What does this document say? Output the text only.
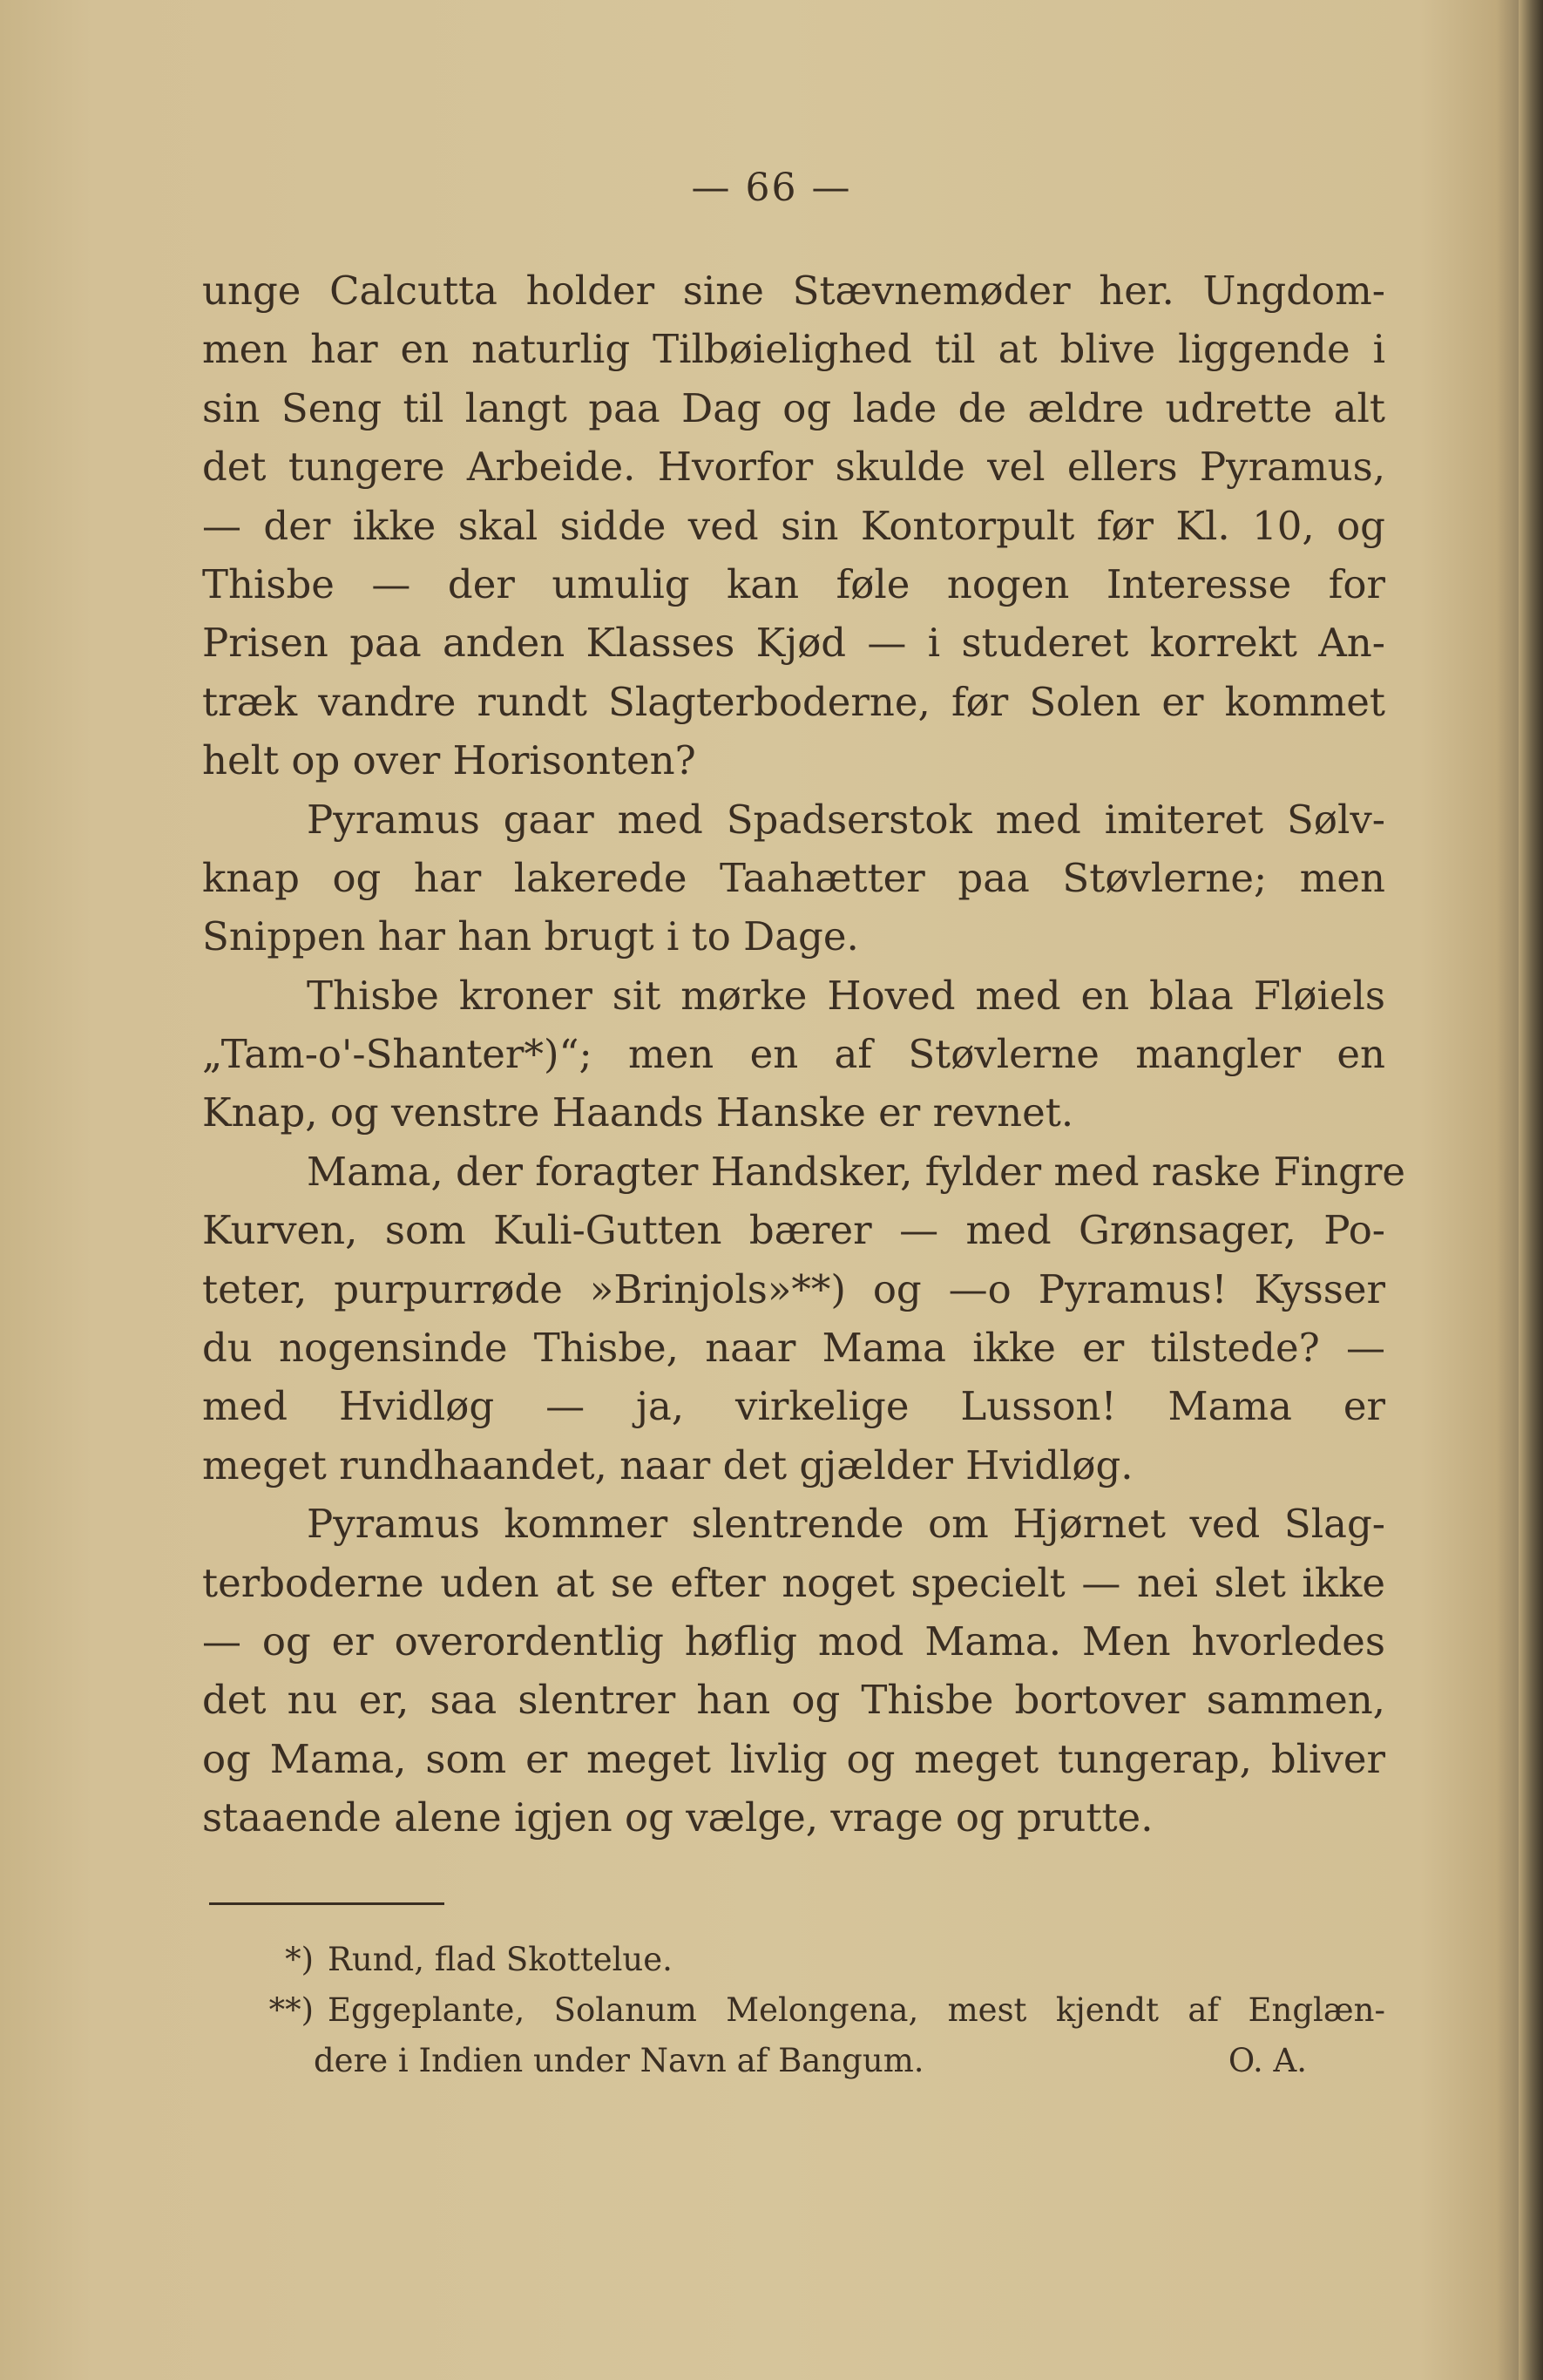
— 66 —
unge Calcutta holder sine Stævnemøder her. Ungdom-
men har en naturlig Tilbøielighed til at blive liggende i
sin Seng til langt paa Dag og lade de ældre udrette alt
det tungere Arbeide. Hvorfor skulde vel ellers Pyramus,
— der ikke skal sidde ved sin Kontorpult før Kl. 10, og
Thisbe — der umulig kan føle nogen Interesse for
Prisen paa anden Klasses Kjød — i studeret korrekt An-
træk vandre rundt Slagterboderne, før Solen er kommet
helt op over Horisonten?
Pyramus gaar med Spadserstok med imiteret Sølv-
knap og har lakerede Taahætter paa Støvlerne; men
Snippen har han brugt i to Dage.
Thisbe kroner sit mørke Hoved med en blaa Fløiels
„Tam-o'-Shanter*)“; men en af Støvlerne mangler en
Knap, og venstre Haands Hanske er revnet.
Mama, der foragter Handsker, fylder med raske Fingre
Kurven, som Kuli-Gutten bærer — med Grønsager, Po-
teter, purpurrøde »Brinjols»**) og —o Pyramus! Kysser
du nogensinde Thisbe, naar Mama ikke er tilstede? —
med Hvidløg — ja, virkelige Lusson! Mama er
meget rundhaandet, naar det gjælder Hvidløg.
Pyramus kommer slentrende om Hjørnet ved Slag-
terboderne uden at se efter noget specielt — nei slet ikke
— og er overordentlig høflig mod Mama. Men hvorledes
det nu er, saa slentrer han og Thisbe bortover sammen,
og Mama, som er meget livlig og meget tungerap, bliver
staaende alene igjen og vælge, vrage og prutte.
*) Rund, flad Skottelue.
**) Eggeplante, Solanum Melongena, mest kjendt af Englæn-
dere i Indien under Navn af Bangum.	O. A.
